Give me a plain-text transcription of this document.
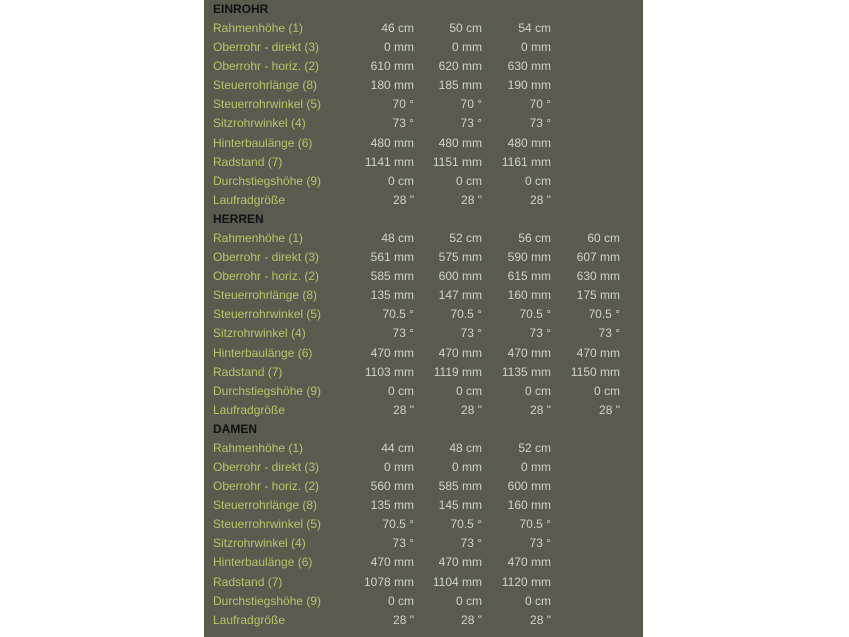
EINROHR
Rahmenhöhe (1)	46 cm	50 cm	54 cm
Oberrohr - direkt (3)	0 mm	0 mm	0 mm
Oberrohr - horiz. (2)	610 mm	620 mm	630 mm
Steuerrohrlänge (8)	180 mm	185 mm	190 mm
Steuerrohrwinkel (5)	70 °	70 °	70 °
Sitzrohrwinkel (4)	73 °	73 °	73 °
Hinterbaulänge (6)	480 mm	480 mm	480 mm
Radstand (7)	1141 mm	1151 mm	1161 mm
Durchstiegshöhe (9)	0 cm	0 cm	0 cm
Laufradgröße	28 "	28 "	28 "
HERREN
Rahmenhöhe (1)	48 cm	52 cm	56 cm	60 cm
Oberrohr - direkt (3)	561 mm	575 mm	590 mm	607 mm
Oberrohr - horiz. (2)	585 mm	600 mm	615 mm	630 mm
Steuerrohrlänge (8)	135 mm	147 mm	160 mm	175 mm
Steuerrohrwinkel (5)	70.5 °	70.5 °	70.5 °	70.5 °
Sitzrohrwinkel (4)	73 °	73 °	73 °	73 °
Hinterbaulänge (6)	470 mm	470 mm	470 mm	470 mm
Radstand (7)	1103 mm	1119 mm	1135 mm	1150 mm
Durchstiegshöhe (9)	0 cm	0 cm	0 cm	0 cm
Laufradgröße	28 "	28 "	28 "	28 "
DAMEN
Rahmenhöhe (1)	44 cm	48 cm	52 cm
Oberrohr - direkt (3)	0 mm	0 mm	0 mm
Oberrohr - horiz. (2)	560 mm	585 mm	600 mm
Steuerrohrlänge (8)	135 mm	145 mm	160 mm
Steuerrohrwinkel (5)	70.5 °	70.5 °	70.5 °
Sitzrohrwinkel (4)	73 °	73 °	73 °
Hinterbaulänge (6)	470 mm	470 mm	470 mm
Radstand (7)	1078 mm	1104 mm	1120 mm
Durchstiegshöhe (9)	0 cm	0 cm	0 cm
Laufradgröße	28 "	28 "	28 "
